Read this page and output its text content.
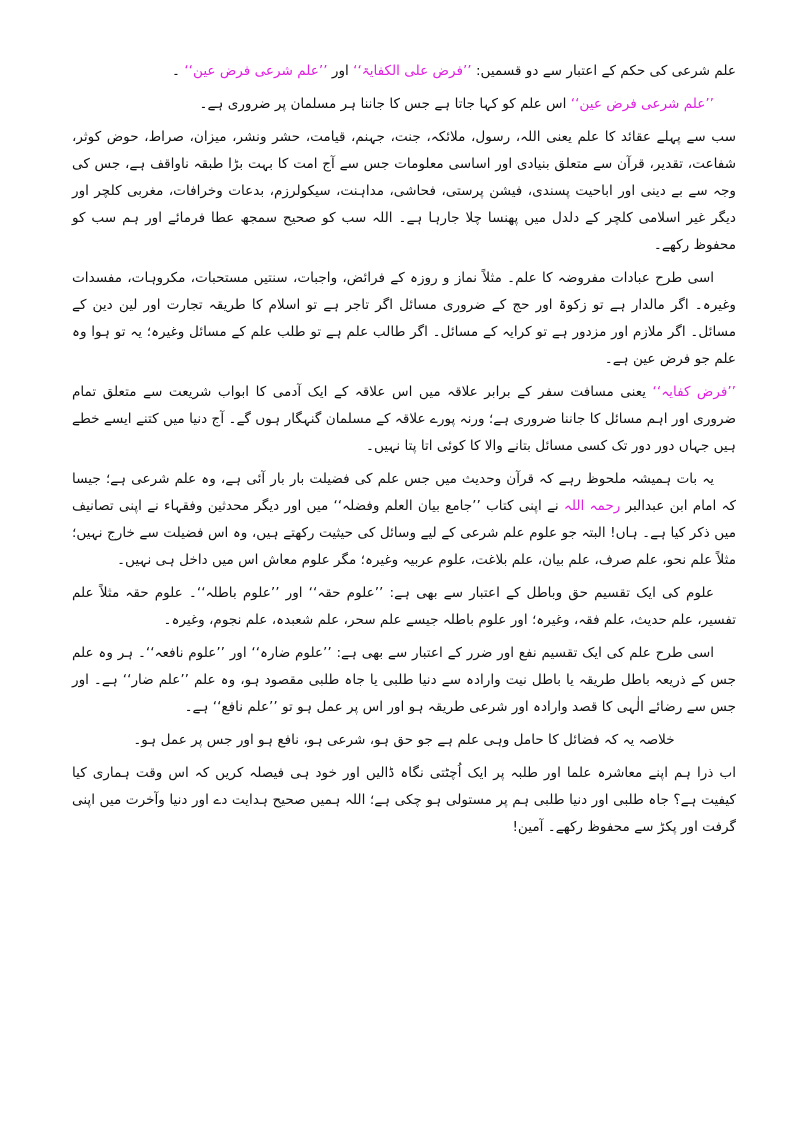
علم شرعی کی حکم کے اعتبار سے دو قسمیں: ’’فرض علی الکفایۃ‘‘ اور ’’علم شرعی فرض عین‘‘ ۔

’’علم شرعی فرض عین‘‘ اس علم کو کہا جاتا ہے جس کا جاننا ہر مسلمان پر ضروری ہے۔

سب سے پہلے عقائد کا علم یعنی اللہ، رسول، ملائکہ، جنت، جہنم، قیامت، حشر ونشر، میزان، صراط، حوض کوثر، شفاعت، تقدیر، قرآن سے متعلق بنیادی اور اساسی معلومات جس سے آج امت کا بہت بڑا طبقہ ناواقف ہے، جس کی وجہ سے بے دینی اور اباحیت پسندی، فیشن پرستی، فحاشی، مداہنت، سیکولرزم، بدعات وخرافات، مغربی کلچر اور دیگر غیر اسلامی کلچر کے دلدل میں پھنسا چلا جارہا ہے۔ اللہ سب کو صحیح سمجھ عطا فرمائے اور ہم سب کو محفوظ رکھے۔

اسی طرح عبادات مفروضہ کا علم۔ مثلاً نماز و روزہ کے فرائض، واجبات، سنتیں مستحبات، مکروہات، مفسدات وغیرہ۔ اگر مالدار ہے تو زکوۃ اور حج کے ضروری مسائل اگر تاجر ہے تو اسلام کا طریقہ تجارت اور لین دین کے مسائل۔ اگر ملازم اور مزدور ہے تو کرایہ کے مسائل۔ اگر طالب علم ہے تو طلب علم کے مسائل وغیرہ؛ یہ تو ہوا وہ علم جو فرض عین ہے۔

’’فرض کفایہ‘‘ یعنی مسافت سفر کے برابر علاقہ میں اس علاقہ کے ایک آدمی کا ابواب شریعت سے متعلق تمام ضروری اور اہم مسائل کا جاننا ضروری ہے؛ ورنہ پورے علاقہ کے مسلمان گنہگار ہوں گے۔ آج دنیا میں کتنے ایسے خطے ہیں جہاں دور دور تک کسی مسائل بتانے والا کا کوئی اتا پتا نہیں۔

یہ بات ہمیشہ ملحوظ رہے کہ قرآن وحدیث میں جس علم کی فضیلت بار بار آئی ہے، وہ علم شرعی ہے؛ جیسا کہ امام ابن عبدالبر رحمہ اللہ نے اپنی کتاب ’’جامع بیان العلم وفضلہ‘‘ میں اور دیگر محدثین وفقہاء نے اپنی تصانیف میں ذکر کیا ہے۔ ہاں! البتہ جو علوم علم شرعی کے لیے وسائل کی حیثیت رکھتے ہیں، وہ اس فضیلت سے خارج نہیں؛ مثلاً علم نحو، علم صرف، علم بیان، علم بلاغت، علوم عربیہ وغیرہ؛ مگر علوم معاش اس میں داخل ہی نہیں۔

علوم کی ایک تقسیم حق وباطل کے اعتبار سے بھی ہے: ’’علوم حقہ‘‘ اور ’’علوم باطلہ‘‘۔ علوم حقہ مثلاً علم تفسیر، علم حدیث، علم فقہ، وغیرہ؛ اور علوم باطلہ جیسے علم سحر، علم شعبدہ، علم نجوم، وغیرہ۔

اسی طرح علم کی ایک تقسیم نفع اور ضرر کے اعتبار سے بھی ہے: ’’علوم ضارہ‘‘ اور ’’علوم نافعہ‘‘۔ ہر وہ علم جس کے ذریعہ باطل طریقہ یا باطل نیت وارادہ سے دنیا طلبی یا جاہ طلبی مقصود ہو، وہ علم ’’علم ضار‘‘ ہے۔ اور جس سے رضائے الٰہی کا قصد وارادہ اور شرعی طریقہ ہو اور اس پر عمل ہو تو ’’علم نافع‘‘ ہے۔

خلاصہ یہ کہ فضائل کا حامل وہی علم ہے جو حق ہو، شرعی ہو، نافع ہو اور جس پر عمل ہو۔

اب ذرا ہم اپنے معاشرہ علما اور طلبہ پر ایک اُچٹتی نگاہ ڈالیں اور خود ہی فیصلہ کریں کہ اس وقت ہماری کیا کیفیت ہے؟ جاہ طلبی اور دنیا طلبی ہم پر مستولی ہو چکی ہے؛ اللہ ہمیں صحیح ہدایت دے اور دنیا وآخرت میں اپنی گرفت اور پکڑ سے محفوظ رکھے۔ آمین!
